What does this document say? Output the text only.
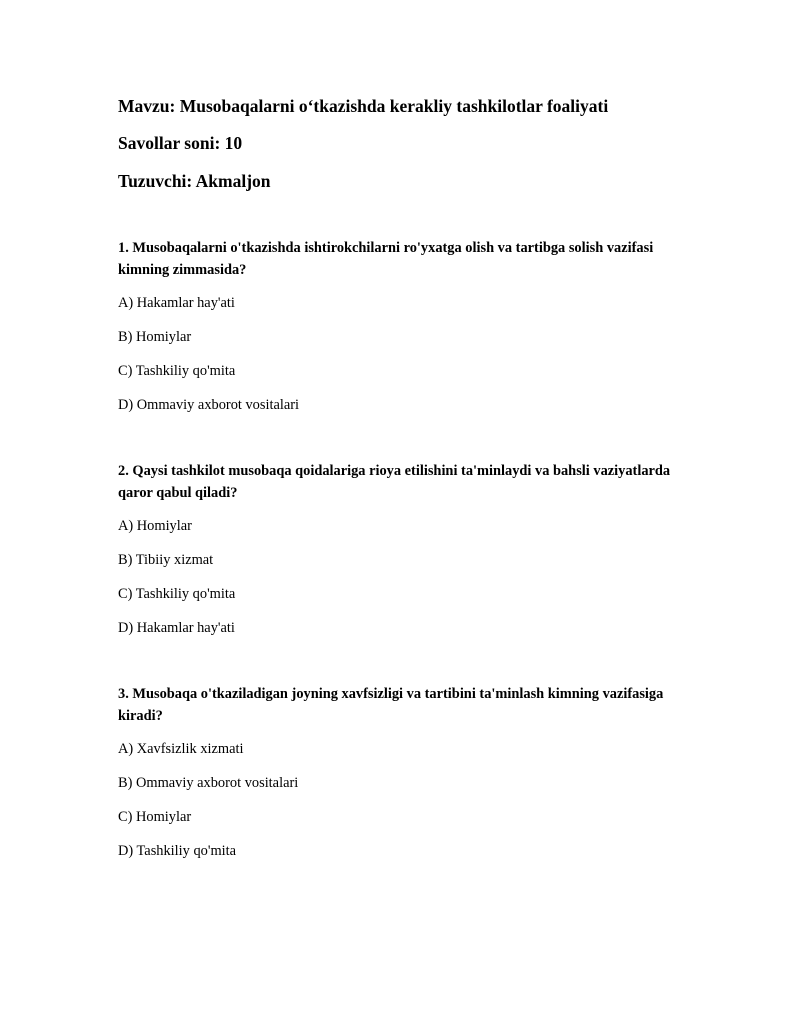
Mavzu: Musobaqalarni o‘tkazishda kerakliy tashkilotlar foaliyati
Savollar soni: 10
Tuzuvchi: Akmaljon
1. Musobaqalarni o'tkazishda ishtirokchilarni ro'yxatga olish va tartibga solish vazifasi kimning zimmasida?
A) Hakamlar hay'ati
B) Homiylar
C) Tashkiliy qo'mita
D) Ommaviy axborot vositalari
2. Qaysi tashkilot musobaqa qoidalariga rioya etilishini ta'minlaydi va bahsli vaziyatlarda qaror qabul qiladi?
A) Homiylar
B) Tibiiy xizmat
C) Tashkiliy qo'mita
D) Hakamlar hay'ati
3. Musobaqa o'tkaziladigan joyning xavfsizligi va tartibini ta'minlash kimning vazifasiga kiradi?
A) Xavfsizlik xizmati
B) Ommaviy axborot vositalari
C) Homiylar
D) Tashkiliy qo'mita
